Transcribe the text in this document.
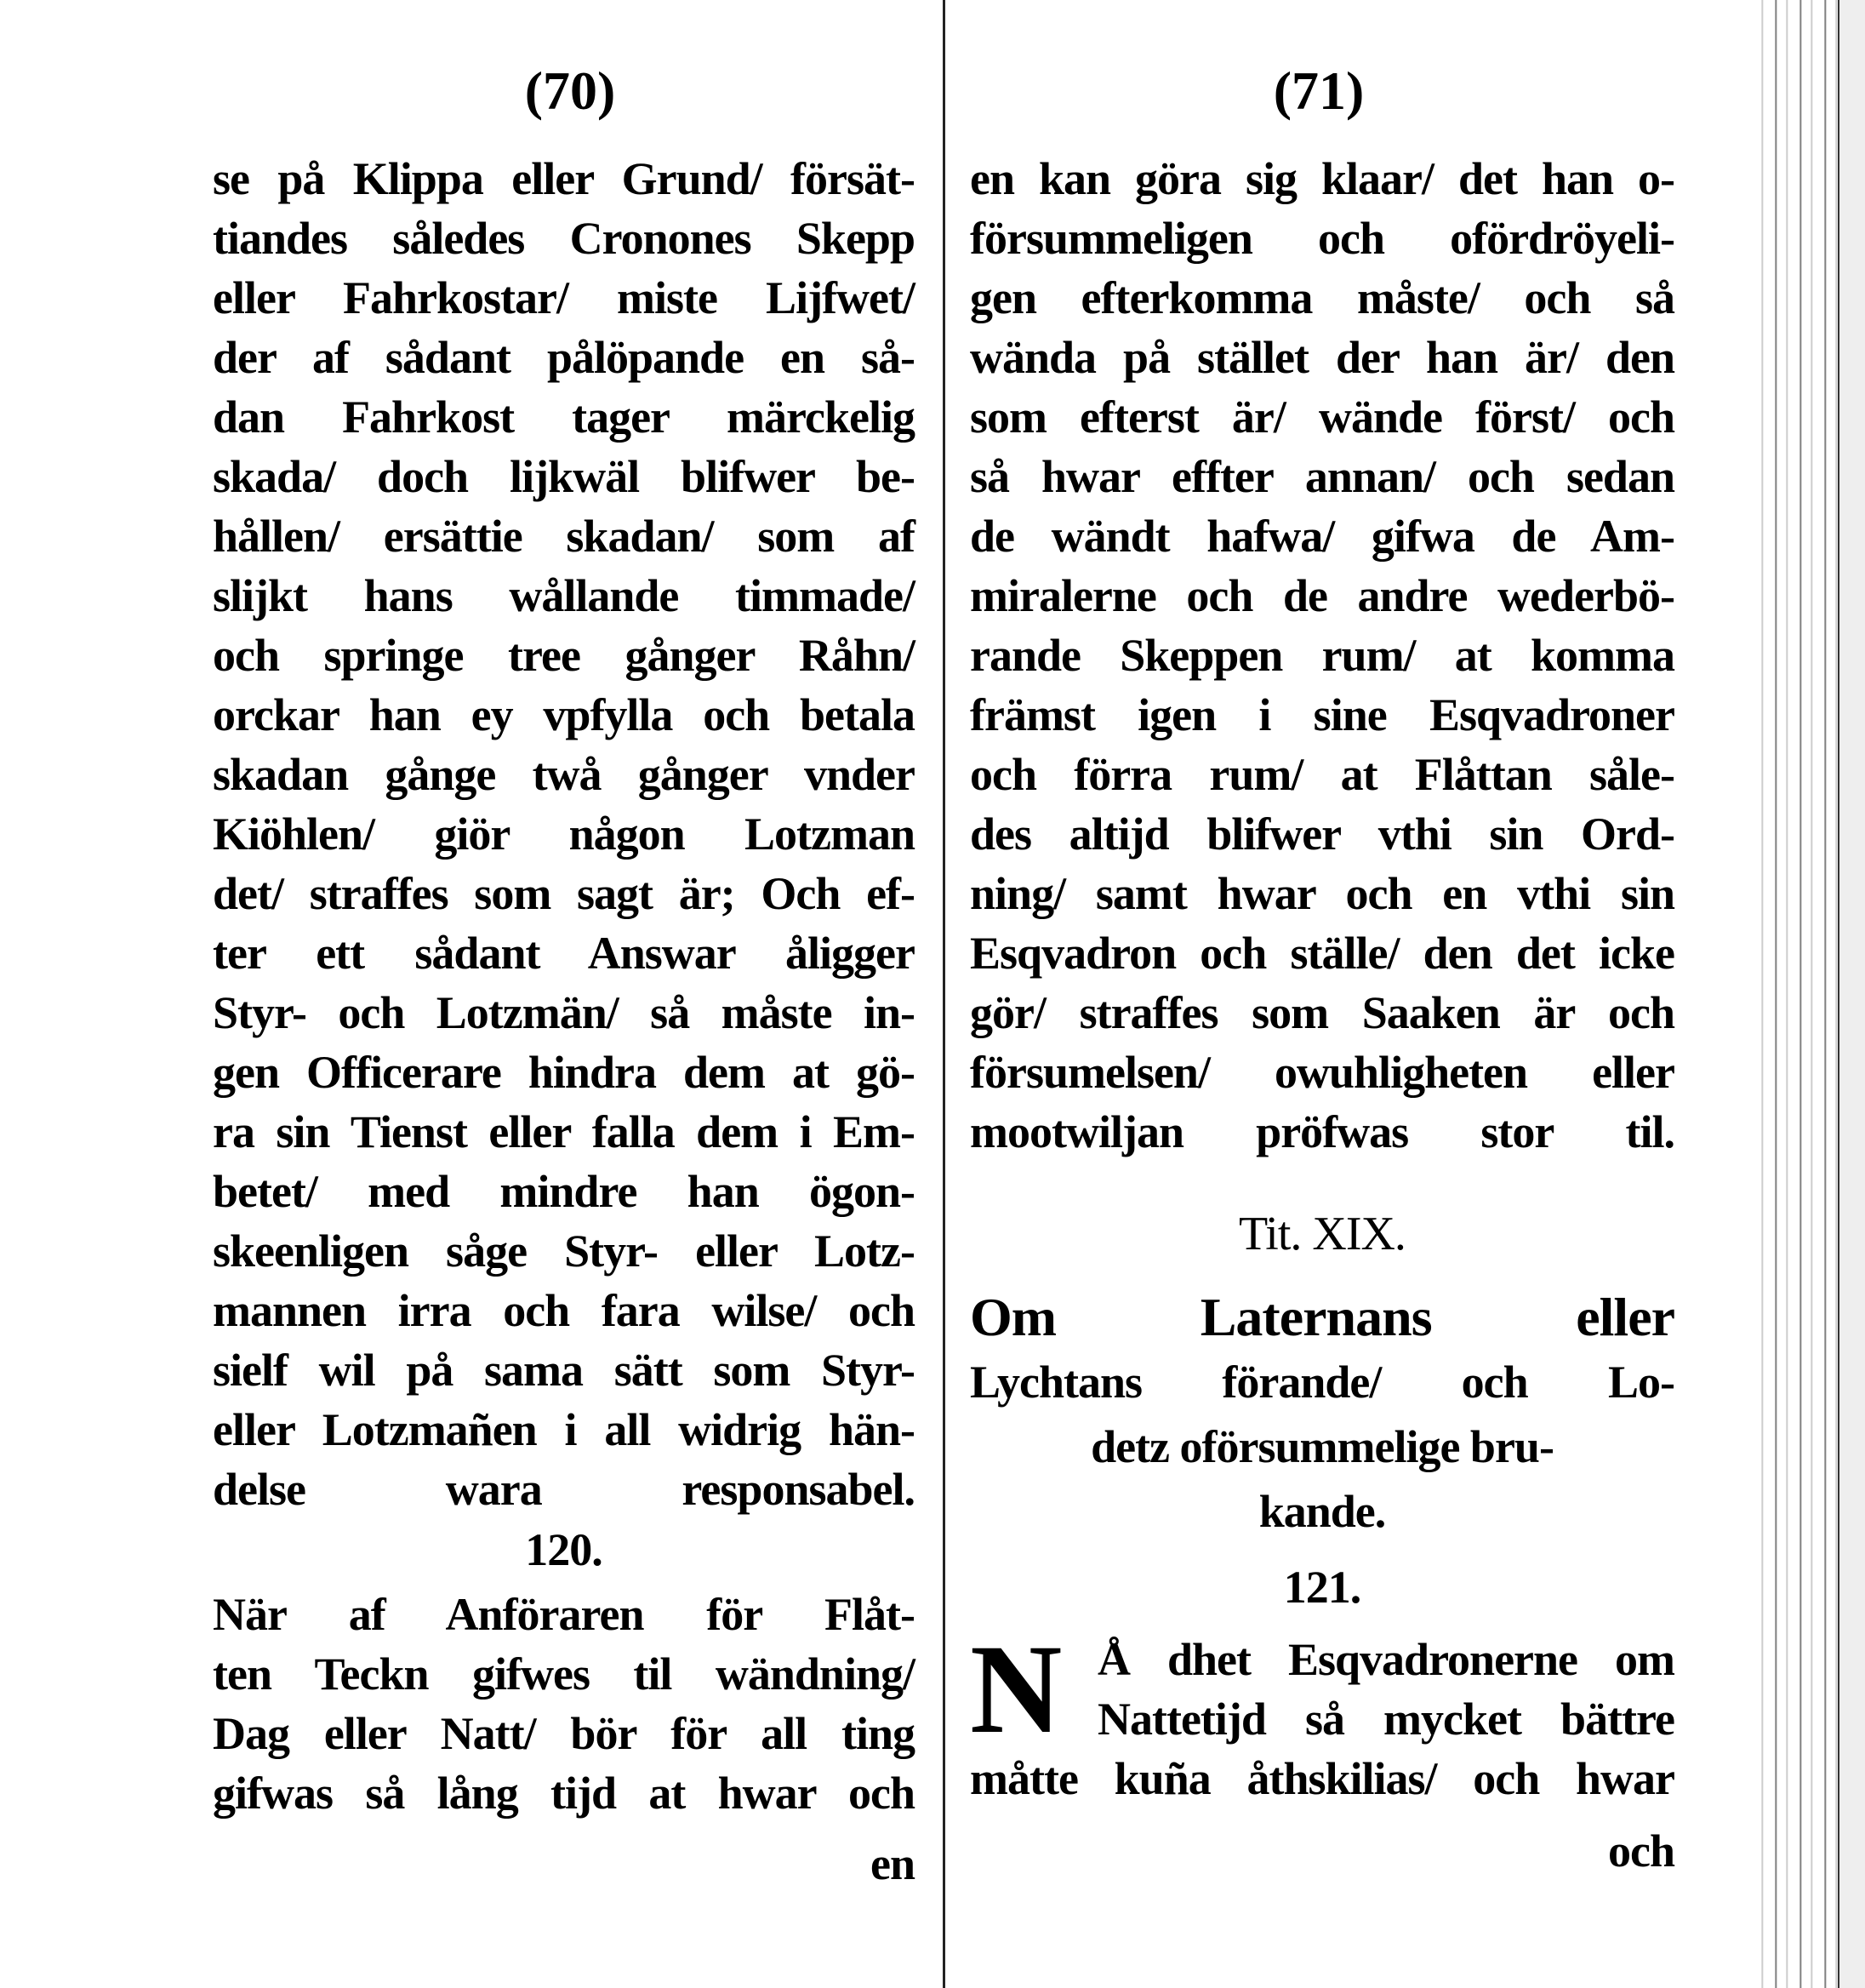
(70)	(71)
se på Klippa eller Grund/ försät-
tiandes således Cronones Skepp
eller Fahrkostar/ miste Lijfwet/
der af sådant pålöpande en så-
dan Fahrkost tager märckelig
skada/ doch lijkwäl blifwer be-
hållen/ ersättie skadan/ som af
slijkt hans wållande timmade/
och springe tree gånger Råhn/
orckar han ey vpfylla och betala
skadan gånge twå gånger vnder
Kiöhlen/ giör någon Lotzman
det/ straffes som sagt är; Och ef-
ter ett sådant Answar åligger
Styr- och Lotzmän/ så måste in-
gen Officerare hindra dem at gö-
ra sin Tienst eller falla dem i Em-
betet/ med mindre han ögon-
skeenligen såge Styr- eller Lotz-
mannen irra och fara wilse/ och
sielf wil på sama sätt som Styr-
eller Lotzmañen i all widrig hän-
delse wara responsabel.
120.
När af Anföraren för Flåt-
ten Teckn gifwes til wändning/
Dag eller Natt/ bör för all ting
gifwas så lång tijd at hwar och
en
en kan göra sig klaar/ det han o-
försummeligen och ofördröyeli-
gen efterkomma måste/ och så
wända på stället der han är/ den
som efterst är/ wände först/ och
så hwar effter annan/ och sedan
de wändt hafwa/ gifwa de Am-
miralerne och de andre wederbö-
rande Skeppen rum/ at komma
främst igen i sine Esqvadroner
och förra rum/ at Flåttan såle-
des altijd blifwer vthi sin Ord-
ning/ samt hwar och en vthi sin
Esqvadron och ställe/ den det icke
gör/ straffes som Saaken är och
försumelsen/ owuhligheten eller
mootwiljan pröfwas stor til.
Tit. XIX.
Om Laternans eller
Lychtans förande/ och Lo-
detz oförsummelige bru-
kande.
121.
N Å dhet Esqvadronerne om
Nattetijd så mycket bättre
måtte kuña åthskilias/ och hwar
och
